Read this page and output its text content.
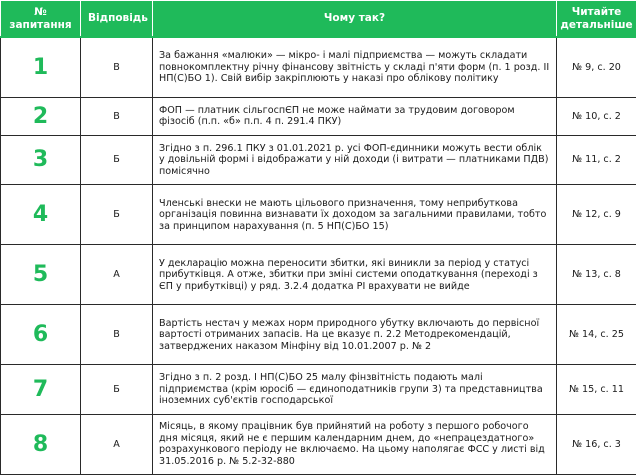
№ запитання	Відповідь	Чому так?	Читайте детальніше
1	В	За бажання «малюки» — мікро- і малі підприємства — можуть складати повнокомплектну річну фінансову звітність у складі п'яти форм (п. 1 розд. ІІ НП(С)БО 1). Свій вибір закріплюють у наказі про облікову політику	№ 9, с. 20
2	В	ФОП — платник сільгоспЄП не може наймати за трудовим договором фізосіб (п.п. «б» п.п. 4 п. 291.4 ПКУ)	№ 10, с. 2
3	Б	Згідно з п. 296.1 ПКУ з 01.01.2021 р. усі ФОП-єдинники можуть вести облік у довільній формі і відображати у ній доходи (і витрати — платниками ПДВ) помісячно	№ 11, с. 2
4	Б	Членські внески не мають цільового призначення, тому неприбуткова організація повинна визнавати їх доходом за загальними правилами, тобто за принципом нарахування (п. 5 НП(С)БО 15)	№ 12, с. 9
5	А	У декларацію можна переносити збитки, які виникли за період у статусі прибутківця. А отже, збитки при зміні системи оподаткування (переході з ЄП у прибутківці) у ряд. 3.2.4 додатка РІ врахувати не вийде	№ 13, с. 8
6	В	Вартість нестач у межах норм природного убутку включають до первісної вартості отриманих запасів. На це вказує п. 2.2 Методрекомендацій, затверджених наказом Мінфіну від 10.01.2007 р. № 2	№ 14, с. 25
7	Б	Згідно з п. 2 розд. І НП(С)БО 25 малу фінзвітність подають малі підприємства (крім юросіб — єдиноподатників групи 3) та представництва іноземних суб'єктів господарської	№ 15, с. 11
8	А	Місяць, в якому працівник був прийнятий на роботу з першого робочого дня місяця, який не є першим календарним днем, до «непрацездатного» розрахункового періоду не включаємо. На цьому наполягає ФСС у листі від 31.05.2016 р. № 5.2-32-880	№ 16, с. 3
